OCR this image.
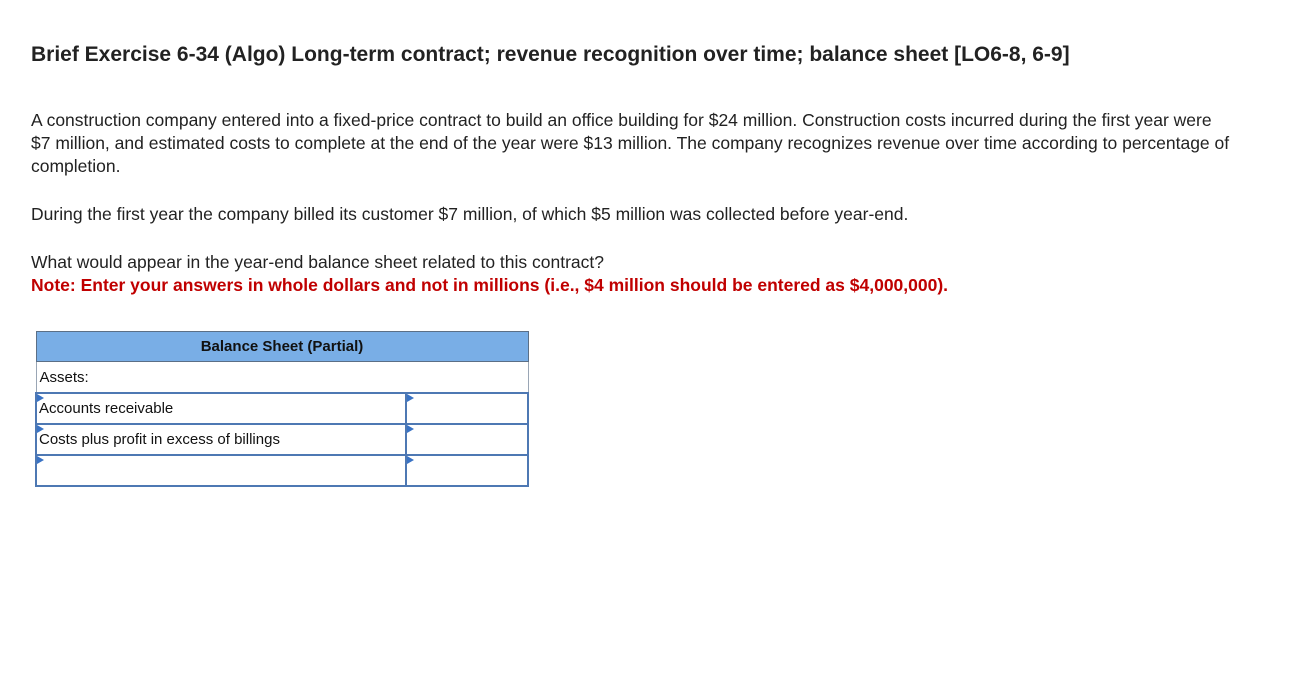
Brief Exercise 6-34 (Algo) Long-term contract; revenue recognition over time; balance sheet [LO6-8, 6-9]

A construction company entered into a fixed-price contract to build an office building for $24 million. Construction costs incurred during the first year were $7 million, and estimated costs to complete at the end of the year were $13 million. The company recognizes revenue over time according to percentage of completion.

During the first year the company billed its customer $7 million, of which $5 million was collected before year-end.

What would appear in the year-end balance sheet related to this contract?

Note: Enter your answers in whole dollars and not in millions (i.e., $4 million should be entered as $4,000,000).

Balance Sheet (Partial)	
Assets:	

Accounts receivable

Costs plus profit in excess of billings
